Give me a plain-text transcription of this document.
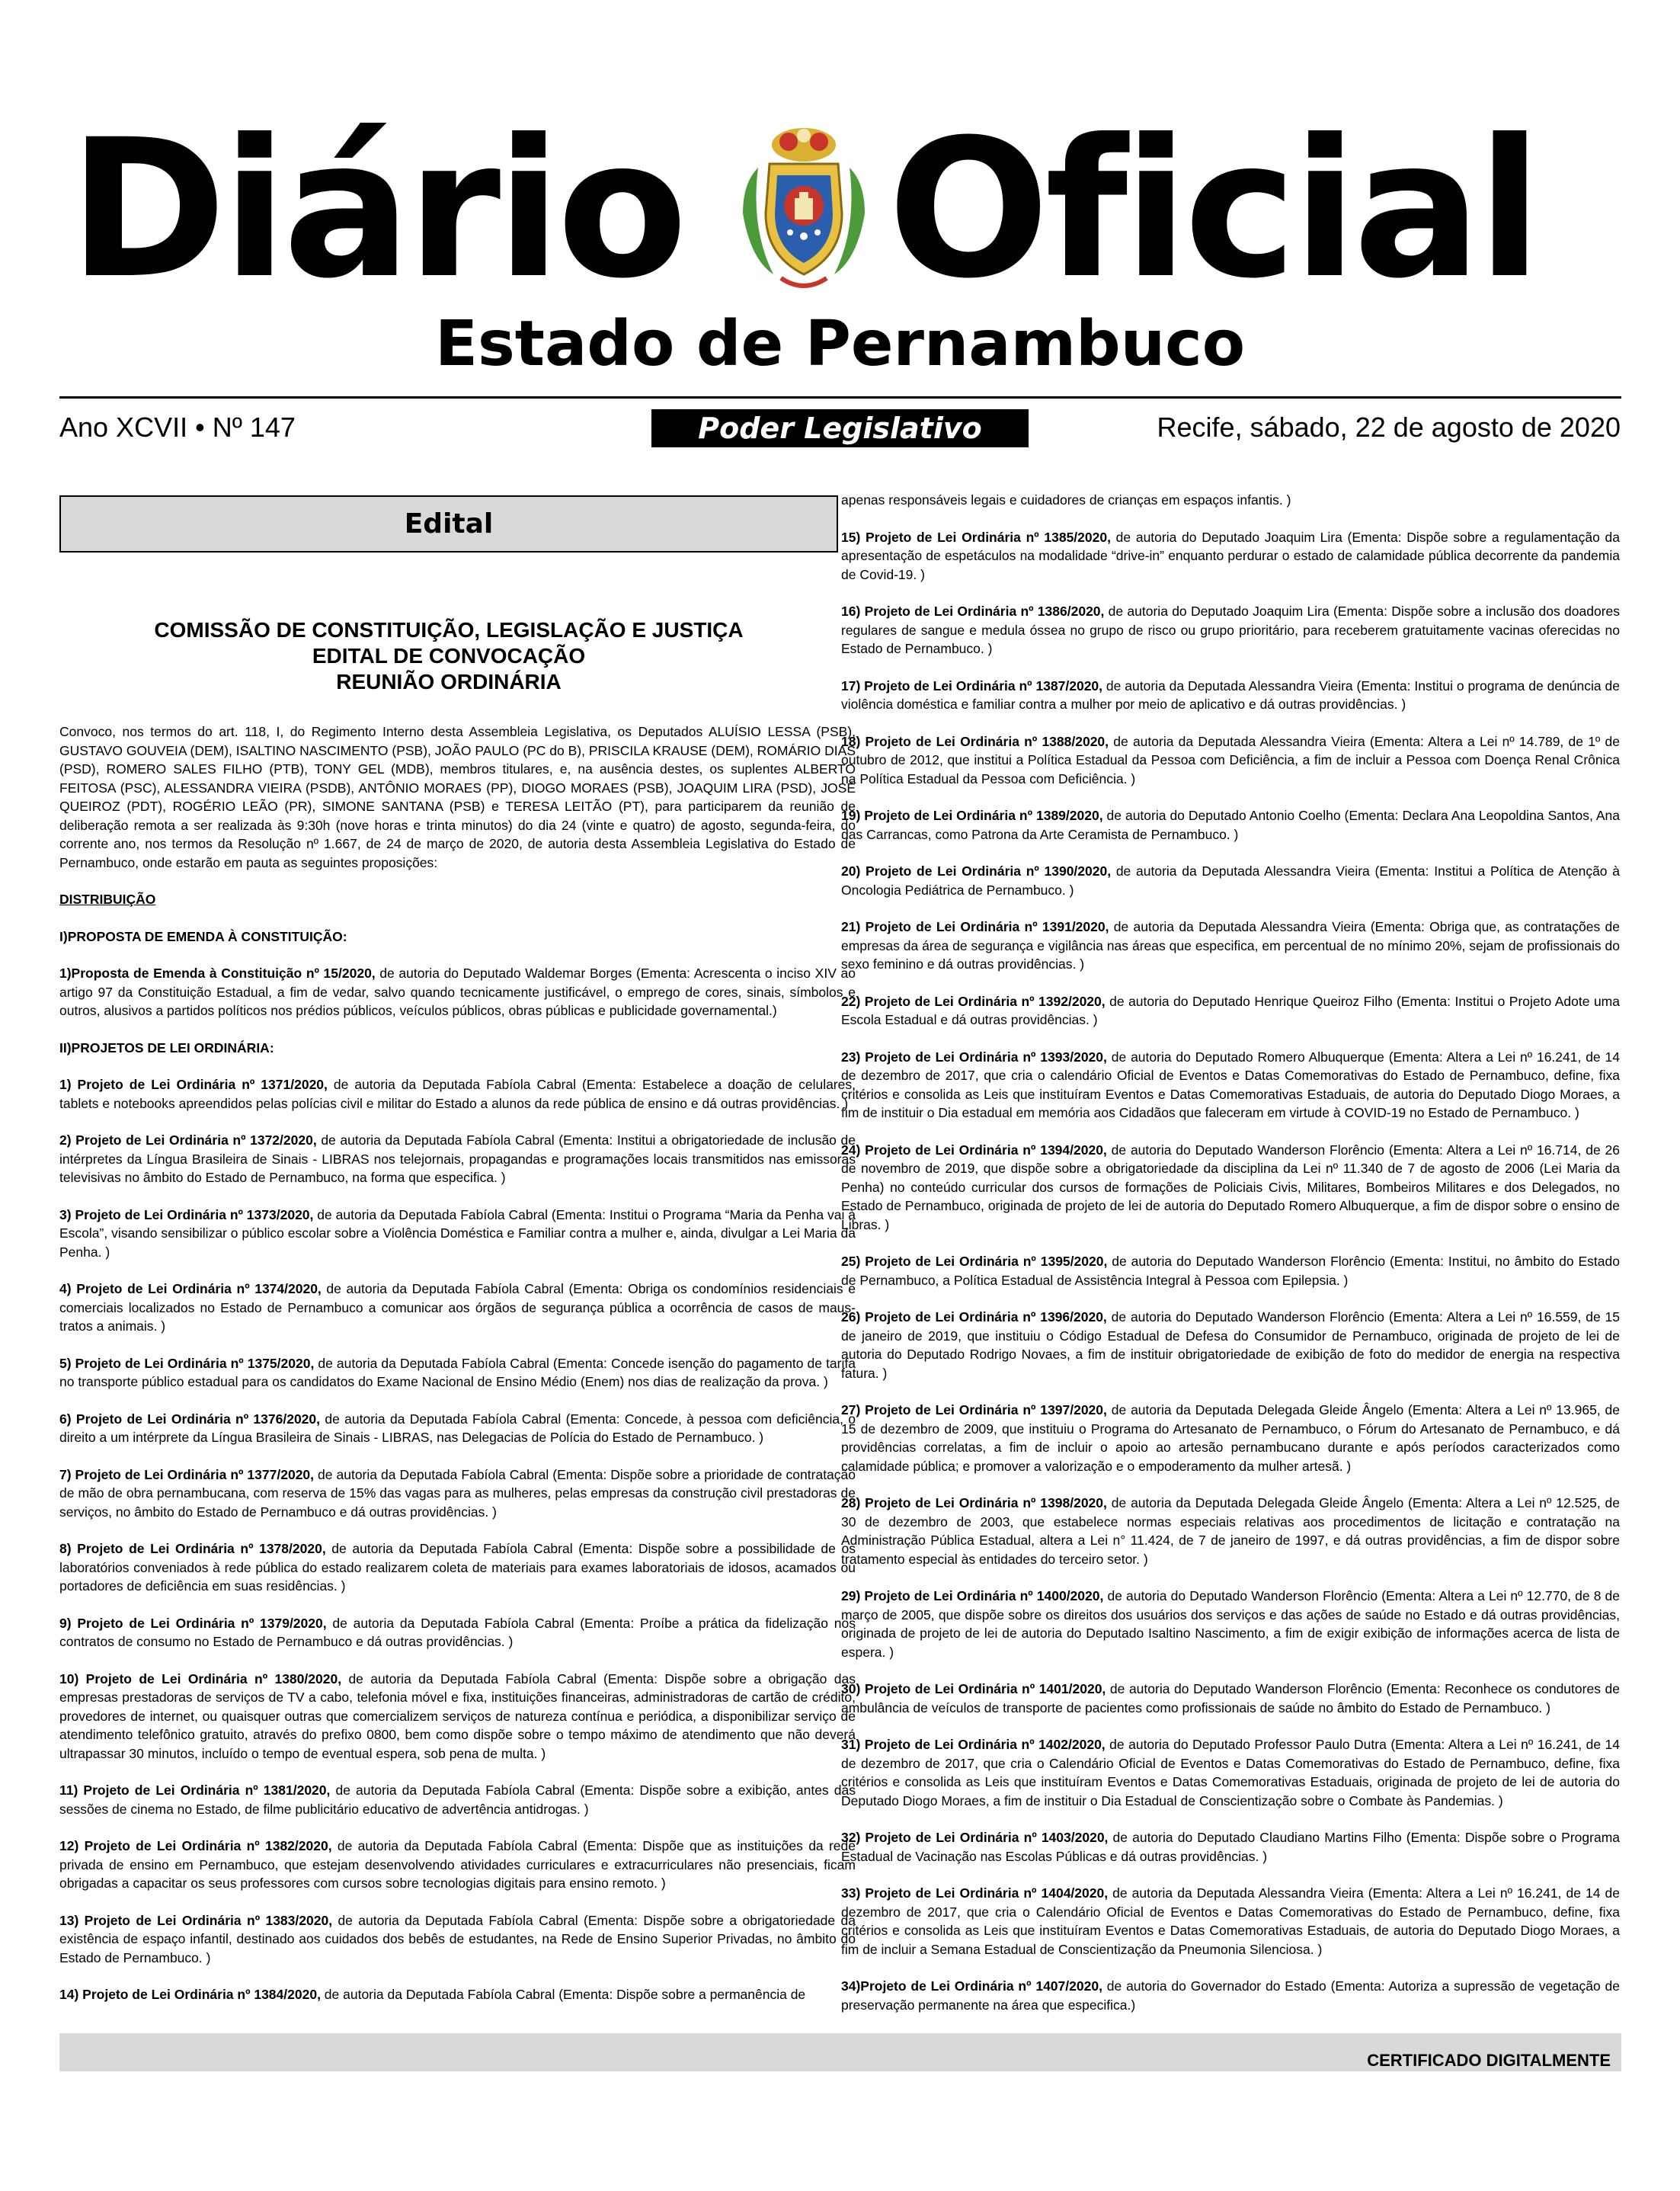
Diário Oficial
Estado de Pernambuco
Ano XCVII • Nº 147	Poder Legislativo	Recife, sábado, 22 de agosto de 2020
Edital
COMISSÃO DE CONSTITUIÇÃO, LEGISLAÇÃO E JUSTIÇA
EDITAL DE CONVOCAÇÃO
REUNIÃO ORDINÁRIA

Convoco, nos termos do art. 118, I, do Regimento Interno desta Assembleia Legislativa, os Deputados ALUÍSIO LESSA (PSB), GUSTAVO GOUVEIA (DEM), ISALTINO NASCIMENTO (PSB), JOÃO PAULO (PC do B), PRISCILA KRAUSE (DEM), ROMÁRIO DIAS (PSD), ROMERO SALES FILHO (PTB), TONY GEL (MDB), membros titulares, e, na ausência destes, os suplentes ALBERTO FEITOSA (PSC), ALESSANDRA VIEIRA (PSDB), ANTÔNIO MORAES (PP), DIOGO MORAES (PSB), JOAQUIM LIRA (PSD), JOSÉ QUEIROZ (PDT), ROGÉRIO LEÃO (PR), SIMONE SANTANA (PSB) e TERESA LEITÃO (PT), para participarem da reunião de deliberação remota a ser realizada às 9:30h (nove horas e trinta minutos) do dia 24 (vinte e quatro) de agosto, segunda-feira, do corrente ano, nos termos da Resolução nº 1.667, de 24 de março de 2020, de autoria desta Assembleia Legislativa do Estado de Pernambuco, onde estarão em pauta as seguintes proposições:

DISTRIBUIÇÃO

I)PROPOSTA DE EMENDA À CONSTITUIÇÃO:

1)Proposta de Emenda à Constituição nº 15/2020, de autoria do Deputado Waldemar Borges (Ementa: Acrescenta o inciso XIV ao artigo 97 da Constituição Estadual, a fim de vedar, salvo quando tecnicamente justificável, o emprego de cores, sinais, símbolos e outros, alusivos a partidos políticos nos prédios públicos, veículos públicos, obras públicas e publicidade governamental.)

II)PROJETOS DE LEI ORDINÁRIA:

1) Projeto de Lei Ordinária nº 1371/2020, de autoria da Deputada Fabíola Cabral (Ementa: Estabelece a doação de celulares, tablets e notebooks apreendidos pelas polícias civil e militar do Estado a alunos da rede pública de ensino e dá outras providências. )

2) Projeto de Lei Ordinária nº 1372/2020, de autoria da Deputada Fabíola Cabral (Ementa: Institui a obrigatoriedade de inclusão de intérpretes da Língua Brasileira de Sinais - LIBRAS nos telejornais, propagandas e programações locais transmitidos nas emissoras televisivas no âmbito do Estado de Pernambuco, na forma que especifica. )

3) Projeto de Lei Ordinária nº 1373/2020, de autoria da Deputada Fabíola Cabral (Ementa: Institui o Programa “Maria da Penha vai à Escola”, visando sensibilizar o público escolar sobre a Violência Doméstica e Familiar contra a mulher e, ainda, divulgar a Lei Maria da Penha. )

4) Projeto de Lei Ordinária nº 1374/2020, de autoria da Deputada Fabíola Cabral (Ementa: Obriga os condomínios residenciais e comerciais localizados no Estado de Pernambuco a comunicar aos órgãos de segurança pública a ocorrência de casos de maus-tratos a animais. )

5) Projeto de Lei Ordinária nº 1375/2020, de autoria da Deputada Fabíola Cabral (Ementa: Concede isenção do pagamento de tarifa no transporte público estadual para os candidatos do Exame Nacional de Ensino Médio (Enem) nos dias de realização da prova. )

6) Projeto de Lei Ordinária nº 1376/2020, de autoria da Deputada Fabíola Cabral (Ementa: Concede, à pessoa com deficiência, o direito a um intérprete da Língua Brasileira de Sinais - LIBRAS, nas Delegacias de Polícia do Estado de Pernambuco. )

7) Projeto de Lei Ordinária nº 1377/2020, de autoria da Deputada Fabíola Cabral (Ementa: Dispõe sobre a prioridade de contratação de mão de obra pernambucana, com reserva de 15% das vagas para as mulheres, pelas empresas da construção civil prestadoras de serviços, no âmbito do Estado de Pernambuco e dá outras providências. )

8) Projeto de Lei Ordinária nº 1378/2020, de autoria da Deputada Fabíola Cabral (Ementa: Dispõe sobre a possibilidade de os laboratórios conveniados à rede pública do estado realizarem coleta de materiais para exames laboratoriais de idosos, acamados ou portadores de deficiência em suas residências. )

9) Projeto de Lei Ordinária nº 1379/2020, de autoria da Deputada Fabíola Cabral (Ementa: Proíbe a prática da fidelização nos contratos de consumo no Estado de Pernambuco e dá outras providências. )

10) Projeto de Lei Ordinária nº 1380/2020, de autoria da Deputada Fabíola Cabral (Ementa: Dispõe sobre a obrigação das empresas prestadoras de serviços de TV a cabo, telefonia móvel e fixa, instituições financeiras, administradoras de cartão de crédito, provedores de internet, ou quaisquer outras que comercializem serviços de natureza contínua e periódica, a disponibilizar serviço de atendimento telefônico gratuito, através do prefixo 0800, bem como dispõe sobre o tempo máximo de atendimento que não deverá ultrapassar 30 minutos, incluído o tempo de eventual espera, sob pena de multa. )

11) Projeto de Lei Ordinária nº 1381/2020, de autoria da Deputada Fabíola Cabral (Ementa: Dispõe sobre a exibição, antes das sessões de cinema no Estado, de filme publicitário educativo de advertência antidrogas. )

12) Projeto de Lei Ordinária nº 1382/2020, de autoria da Deputada Fabíola Cabral (Ementa: Dispõe que as instituições da rede privada de ensino em Pernambuco, que estejam desenvolvendo atividades curriculares e extracurriculares não presenciais, ficam obrigadas a capacitar os seus professores com cursos sobre tecnologias digitais para ensino remoto. )

13) Projeto de Lei Ordinária nº 1383/2020, de autoria da Deputada Fabíola Cabral (Ementa: Dispõe sobre a obrigatoriedade da existência de espaço infantil, destinado aos cuidados dos bebês de estudantes, na Rede de Ensino Superior Privadas, no âmbito do Estado de Pernambuco. )

14) Projeto de Lei Ordinária nº 1384/2020, de autoria da Deputada Fabíola Cabral (Ementa: Dispõe sobre a permanência de

apenas responsáveis legais e cuidadores de crianças em espaços infantis. )

15) Projeto de Lei Ordinária nº 1385/2020, de autoria do Deputado Joaquim Lira (Ementa: Dispõe sobre a regulamentação da apresentação de espetáculos na modalidade “drive-in” enquanto perdurar o estado de calamidade pública decorrente da pandemia de Covid-19. )

16) Projeto de Lei Ordinária nº 1386/2020, de autoria do Deputado Joaquim Lira (Ementa: Dispõe sobre a inclusão dos doadores regulares de sangue e medula óssea no grupo de risco ou grupo prioritário, para receberem gratuitamente vacinas oferecidas no Estado de Pernambuco. )

17) Projeto de Lei Ordinária nº 1387/2020, de autoria da Deputada Alessandra Vieira (Ementa: Institui o programa de denúncia de violência doméstica e familiar contra a mulher por meio de aplicativo e dá outras providências. )

18) Projeto de Lei Ordinária nº 1388/2020, de autoria da Deputada Alessandra Vieira (Ementa: Altera a Lei nº 14.789, de 1º de outubro de 2012, que institui a Política Estadual da Pessoa com Deficiência, a fim de incluir a Pessoa com Doença Renal Crônica na Política Estadual da Pessoa com Deficiência. )

19) Projeto de Lei Ordinária nº 1389/2020, de autoria do Deputado Antonio Coelho (Ementa: Declara Ana Leopoldina Santos, Ana das Carrancas, como Patrona da Arte Ceramista de Pernambuco. )

20) Projeto de Lei Ordinária nº 1390/2020, de autoria da Deputada Alessandra Vieira (Ementa: Institui a Política de Atenção à Oncologia Pediátrica de Pernambuco. )

21) Projeto de Lei Ordinária nº 1391/2020, de autoria da Deputada Alessandra Vieira (Ementa: Obriga que, as contratações de empresas da área de segurança e vigilância nas áreas que especifica, em percentual de no mínimo 20%, sejam de profissionais do sexo feminino e dá outras providências. )

22) Projeto de Lei Ordinária nº 1392/2020, de autoria do Deputado Henrique Queiroz Filho (Ementa: Institui o Projeto Adote uma Escola Estadual e dá outras providências. )

23) Projeto de Lei Ordinária nº 1393/2020, de autoria do Deputado Romero Albuquerque (Ementa: Altera a Lei nº 16.241, de 14 de dezembro de 2017, que cria o calendário Oficial de Eventos e Datas Comemorativas do Estado de Pernambuco, define, fixa critérios e consolida as Leis que instituíram Eventos e Datas Comemorativas Estaduais, de autoria do Deputado Diogo Moraes, a fim de instituir o Dia estadual em memória aos Cidadãos que faleceram em virtude à COVID-19 no Estado de Pernambuco. )

24) Projeto de Lei Ordinária nº 1394/2020, de autoria do Deputado Wanderson Florêncio (Ementa: Altera a Lei nº 16.714, de 26 de novembro de 2019, que dispõe sobre a obrigatoriedade da disciplina da Lei nº 11.340 de 7 de agosto de 2006 (Lei Maria da Penha) no conteúdo curricular dos cursos de formações de Policiais Civis, Militares, Bombeiros Militares e dos Delegados, no Estado de Pernambuco, originada de projeto de lei de autoria do Deputado Romero Albuquerque, a fim de dispor sobre o ensino de Libras. )

25) Projeto de Lei Ordinária nº 1395/2020, de autoria do Deputado Wanderson Florêncio (Ementa: Institui, no âmbito do Estado de Pernambuco, a Política Estadual de Assistência Integral à Pessoa com Epilepsia. )

26) Projeto de Lei Ordinária nº 1396/2020, de autoria do Deputado Wanderson Florêncio (Ementa: Altera a Lei nº 16.559, de 15 de janeiro de 2019, que instituiu o Código Estadual de Defesa do Consumidor de Pernambuco, originada de projeto de lei de autoria do Deputado Rodrigo Novaes, a fim de instituir obrigatoriedade de exibição de foto do medidor de energia na respectiva fatura. )

27) Projeto de Lei Ordinária nº 1397/2020, de autoria da Deputada Delegada Gleide Ângelo (Ementa: Altera a Lei nº 13.965, de 15 de dezembro de 2009, que instituiu o Programa do Artesanato de Pernambuco, o Fórum do Artesanato de Pernambuco, e dá providências correlatas, a fim de incluir o apoio ao artesão pernambucano durante e após períodos caracterizados como calamidade pública; e promover a valorização e o empoderamento da mulher artesã. )

28) Projeto de Lei Ordinária nº 1398/2020, de autoria da Deputada Delegada Gleide Ângelo (Ementa: Altera a Lei nº 12.525, de 30 de dezembro de 2003, que estabelece normas especiais relativas aos procedimentos de licitação e contratação na Administração Pública Estadual, altera a Lei n° 11.424, de 7 de janeiro de 1997, e dá outras providências, a fim de dispor sobre tratamento especial às entidades do terceiro setor. )

29) Projeto de Lei Ordinária nº 1400/2020, de autoria do Deputado Wanderson Florêncio (Ementa: Altera a Lei nº 12.770, de 8 de março de 2005, que dispõe sobre os direitos dos usuários dos serviços e das ações de saúde no Estado e dá outras providências, originada de projeto de lei de autoria do Deputado Isaltino Nascimento, a fim de exigir exibição de informações acerca de lista de espera. )

30) Projeto de Lei Ordinária nº 1401/2020, de autoria do Deputado Wanderson Florêncio (Ementa: Reconhece os condutores de ambulância de veículos de transporte de pacientes como profissionais de saúde no âmbito do Estado de Pernambuco. )

31) Projeto de Lei Ordinária nº 1402/2020, de autoria do Deputado Professor Paulo Dutra (Ementa: Altera a Lei nº 16.241, de 14 de dezembro de 2017, que cria o Calendário Oficial de Eventos e Datas Comemorativas do Estado de Pernambuco, define, fixa critérios e consolida as Leis que instituíram Eventos e Datas Comemorativas Estaduais, originada de projeto de lei de autoria do Deputado Diogo Moraes, a fim de instituir o Dia Estadual de Conscientização sobre o Combate às Pandemias. )

32) Projeto de Lei Ordinária nº 1403/2020, de autoria do Deputado Claudiano Martins Filho (Ementa: Dispõe sobre o Programa Estadual de Vacinação nas Escolas Públicas e dá outras providências. )

33) Projeto de Lei Ordinária nº 1404/2020, de autoria da Deputada Alessandra Vieira (Ementa: Altera a Lei nº 16.241, de 14 de dezembro de 2017, que cria o Calendário Oficial de Eventos e Datas Comemorativas do Estado de Pernambuco, define, fixa critérios e consolida as Leis que instituíram Eventos e Datas Comemorativas Estaduais, de autoria do Deputado Diogo Moraes, a fim de incluir a Semana Estadual de Conscientização da Pneumonia Silenciosa. )

34)Projeto de Lei Ordinária nº 1407/2020, de autoria do Governador do Estado (Ementa: Autoriza a supressão de vegetação de preservação permanente na área que especifica.)

CERTIFICADO DIGITALMENTE
